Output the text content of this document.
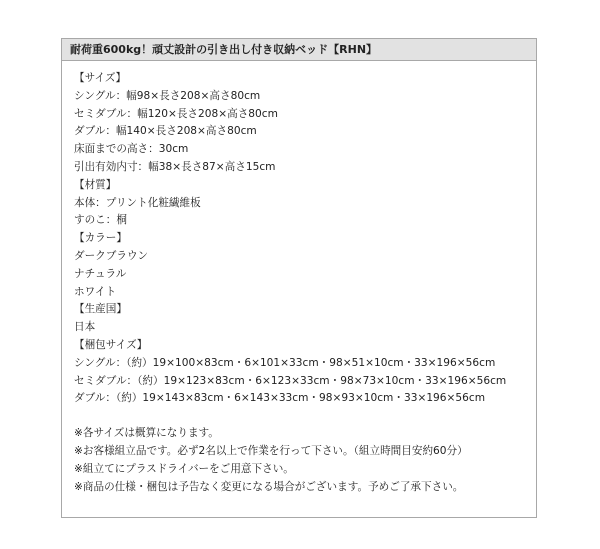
耐荷重600kg！頑丈設計の引き出し付き収納ベッド【RHN】
【サイズ】
シングル：幅98×長さ208×高さ80cm
セミダブル：幅120×長さ208×高さ80cm
ダブル：幅140×長さ208×高さ80cm
床面までの高さ：30cm
引出有効内寸：幅38×長さ87×高さ15cm
【材質】
本体：プリント化粧繊維板
すのこ：桐
【カラー】
ダークブラウン
ナチュラル
ホワイト
【生産国】
日本
【梱包サイズ】
シングル：（約）19×100×83cm・6×101×33cm・98×51×10cm・33×196×56cm
セミダブル：（約）19×123×83cm・6×123×33cm・98×73×10cm・33×196×56cm
ダブル：（約）19×143×83cm・6×143×33cm・98×93×10cm・33×196×56cm
※各サイズは概算になります。
※お客様組立品です。必ず2名以上で作業を行って下さい。（組立時間目安約60分）
※組立てにプラスドライバーをご用意下さい。
※商品の仕様・梱包は予告なく変更になる場合がございます。予めご了承下さい。
